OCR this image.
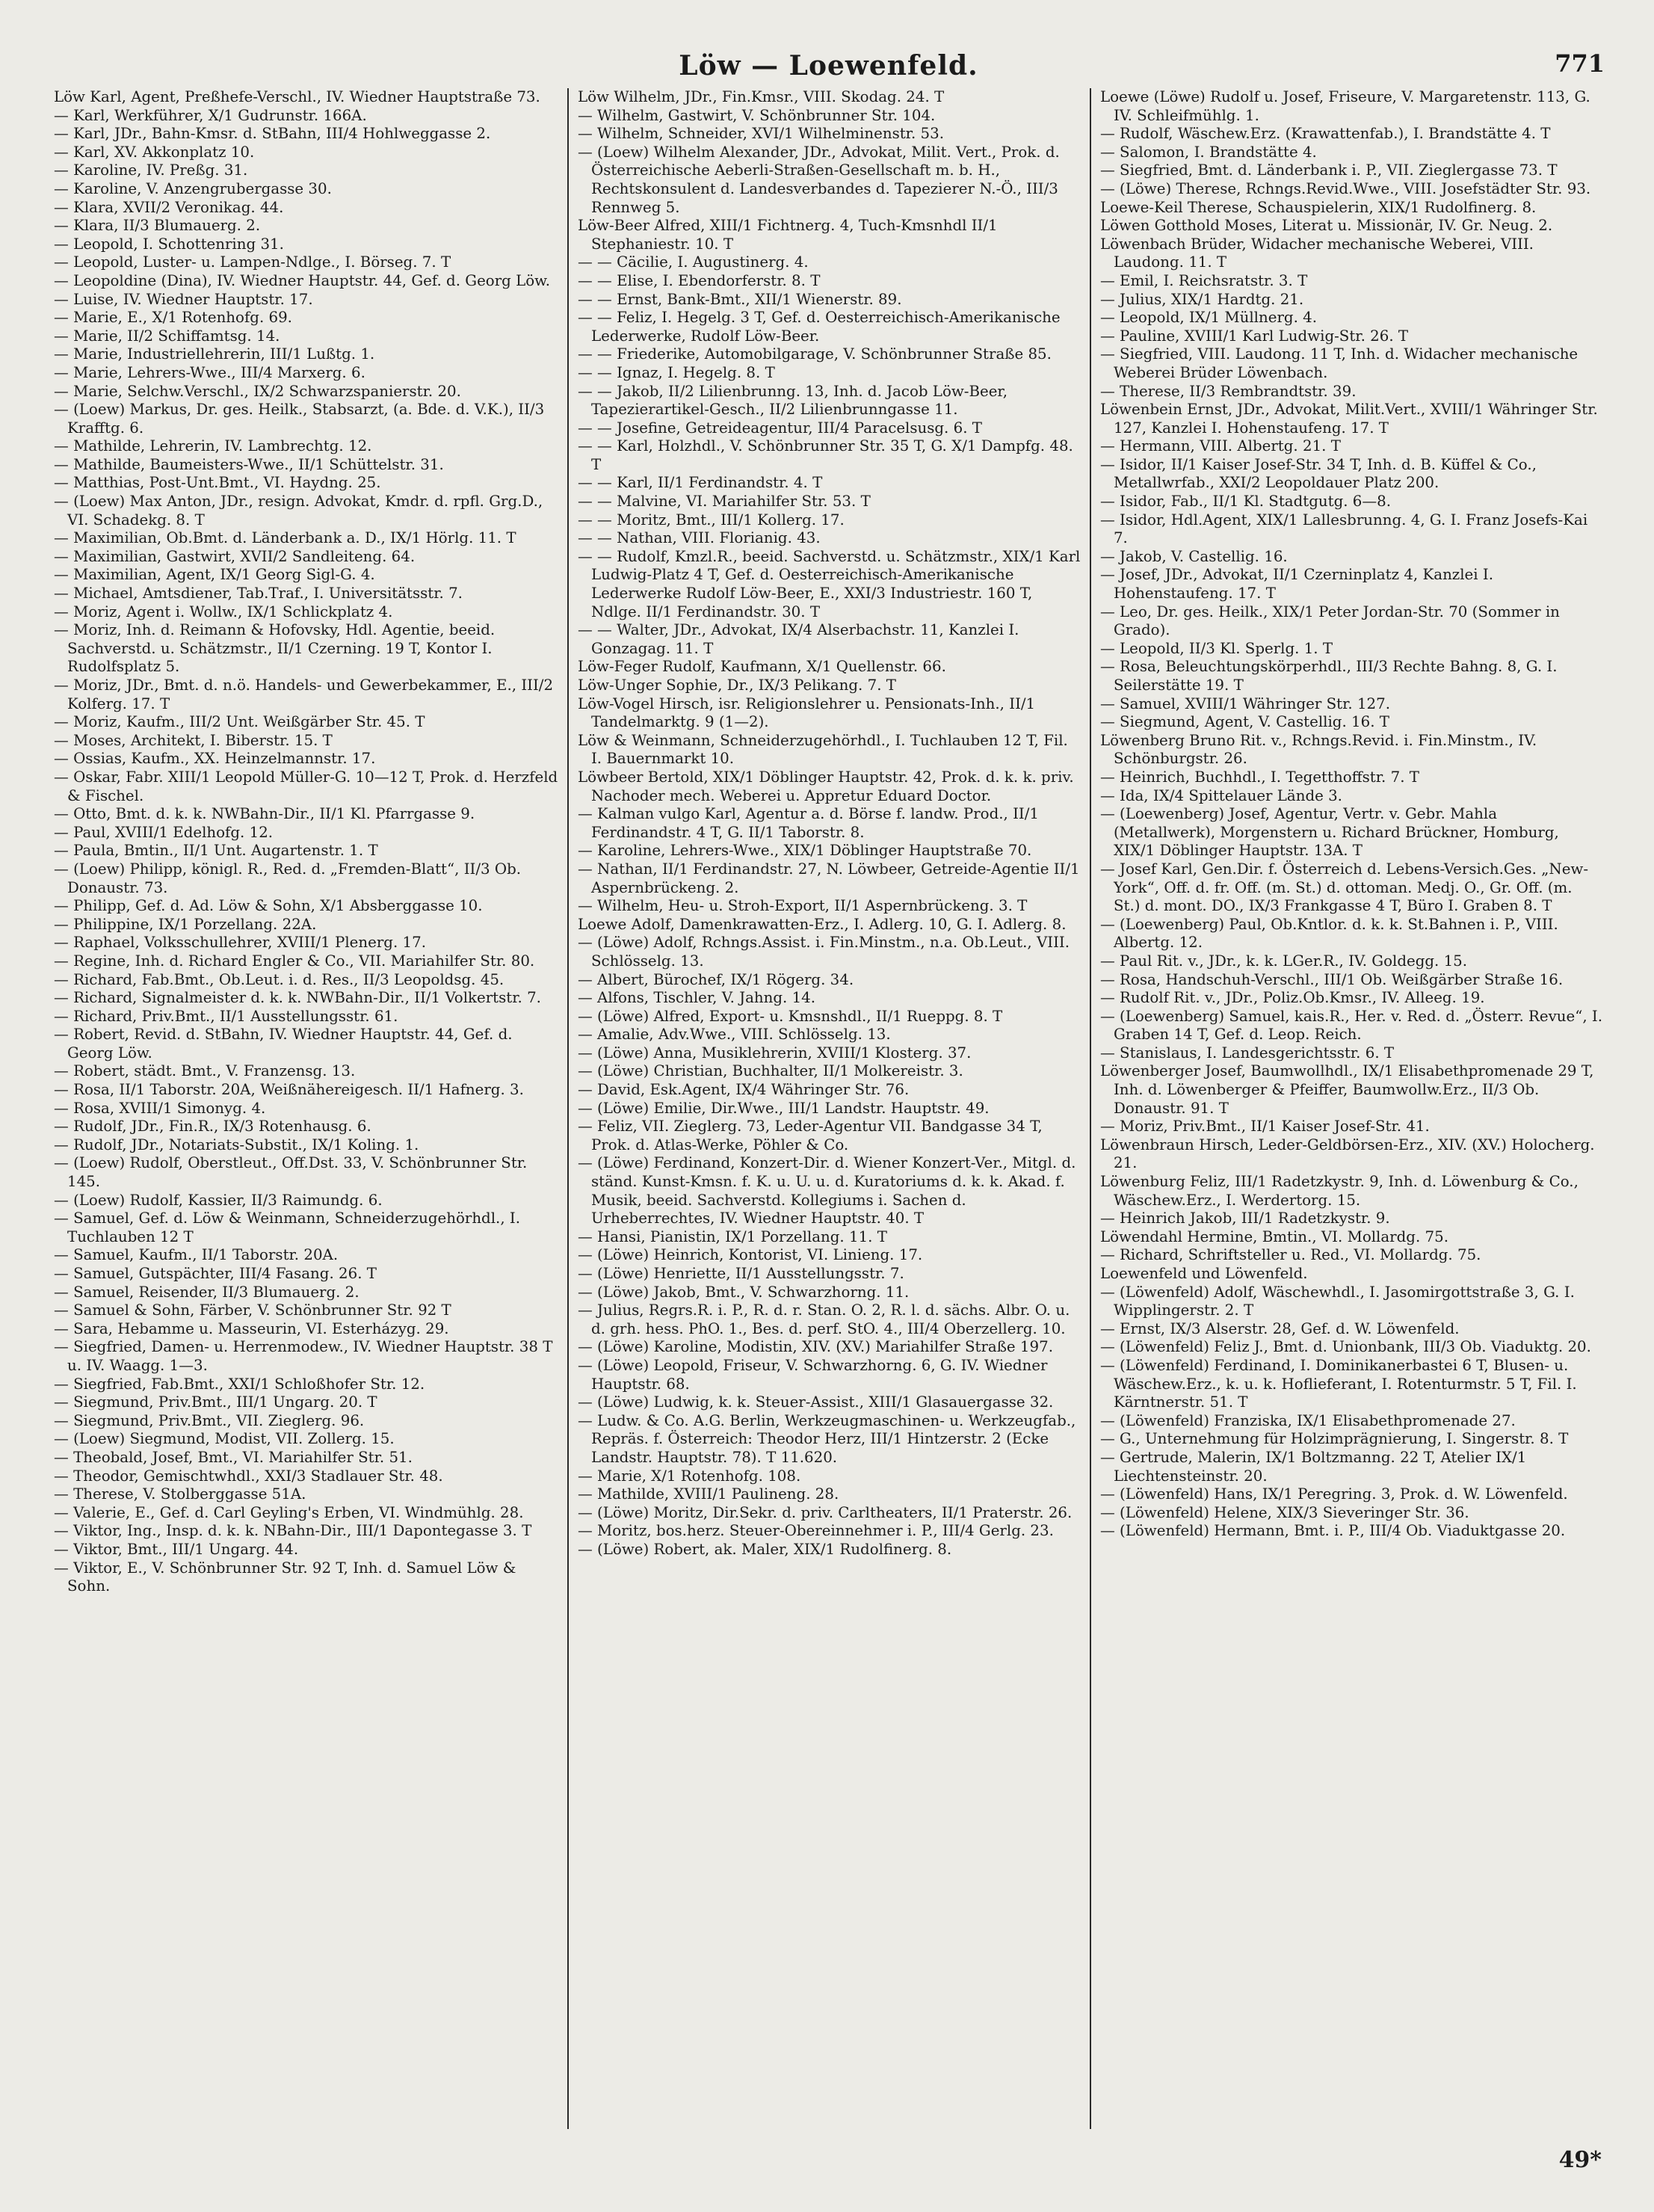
Löw — Loewenfeld.	771

Löw Karl, Agent, Preßhefe-Verschl., IV. Wiedner Hauptstraße 73.

— Karl, Werkführer, X/1 Gudrunstr. 166A.

— Karl, JDr., Bahn-Kmsr. d. StBahn, III/4 Hohlweggasse 2.

— Karl, XV. Akkonplatz 10.

— Karoline, IV. Preßg. 31.

— Karoline, V. Anzengrubergasse 30.

— Klara, XVII/2 Veronikag. 44.

— Klara, II/3 Blumauerg. 2.

— Leopold, I. Schottenring 31.

— Leopold, Luster- u. Lampen-Ndlge., I. Börseg. 7. T

— Leopoldine (Dina), IV. Wiedner Hauptstr. 44, Gef. d. Georg Löw.

— Luise, IV. Wiedner Hauptstr. 17.

— Marie, E., X/1 Rotenhofg. 69.

— Marie, II/2 Schiffamtsg. 14.

— Marie, Industriellehrerin, III/1 Lußtg. 1.

— Marie, Lehrers-Wwe., III/4 Marxerg. 6.

— Marie, Selchw.Verschl., IX/2 Schwarzspanierstr. 20.

— (Loew) Markus, Dr. ges. Heilk., Stabsarzt, (a. Bde. d. V.K.), II/3 Krafftg. 6.

— Mathilde, Lehrerin, IV. Lambrechtg. 12.

— Mathilde, Baumeisters-Wwe., II/1 Schüttelstr. 31.

— Matthias, Post-Unt.Bmt., VI. Haydng. 25.

— (Loew) Max Anton, JDr., resign. Advokat, Kmdr. d. rpfl. Grg.D., VI. Schadekg. 8. T

— Maximilian, Ob.Bmt. d. Länderbank a. D., IX/1 Hörlg. 11. T

— Maximilian, Gastwirt, XVII/2 Sandleiteng. 64.

— Maximilian, Agent, IX/1 Georg Sigl-G. 4.

— Michael, Amtsdiener, Tab.Traf., I. Universitätsstr. 7.

— Moriz, Agent i. Wollw., IX/1 Schlickplatz 4.

— Moriz, Inh. d. Reimann & Hofovsky, Hdl. Agentie, beeid. Sachverstd. u. Schätzmstr., II/1 Czerning. 19 T, Kontor I. Rudolfsplatz 5.

— Moriz, JDr., Bmt. d. n.ö. Handels- und Gewerbekammer, E., III/2 Kolferg. 17. T

— Moriz, Kaufm., III/2 Unt. Weißgärber Str. 45. T

— Moses, Architekt, I. Biberstr. 15. T

— Ossias, Kaufm., XX. Heinzelmannstr. 17.

— Oskar, Fabr. XIII/1 Leopold Müller-G. 10—12 T, Prok. d. Herzfeld & Fischel.

— Otto, Bmt. d. k. k. NWBahn-Dir., II/1 Kl. Pfarrgasse 9.

— Paul, XVIII/1 Edelhofg. 12.

— Paula, Bmtin., II/1 Unt. Augartenstr. 1. T

— (Loew) Philipp, königl. R., Red. d. „Fremden-Blatt“, II/3 Ob. Donaustr. 73.

— Philipp, Gef. d. Ad. Löw & Sohn, X/1 Absberggasse 10.

— Philippine, IX/1 Porzellang. 22A.

— Raphael, Volksschullehrer, XVIII/1 Plenerg. 17.

— Regine, Inh. d. Richard Engler & Co., VII. Mariahilfer Str. 80.

— Richard, Fab.Bmt., Ob.Leut. i. d. Res., II/3 Leopoldsg. 45.

— Richard, Signalmeister d. k. k. NWBahn-Dir., II/1 Volkertstr. 7.

— Richard, Priv.Bmt., II/1 Ausstellungsstr. 61.

— Robert, Revid. d. StBahn, IV. Wiedner Hauptstr. 44, Gef. d. Georg Löw.

— Robert, städt. Bmt., V. Franzensg. 13.

— Rosa, II/1 Taborstr. 20A, Weißnähereigesch. II/1 Hafnerg. 3.

— Rosa, XVIII/1 Simonyg. 4.

— Rudolf, JDr., Fin.R., IX/3 Rotenhausg. 6.

— Rudolf, JDr., Notariats-Substit., IX/1 Koling. 1.

— (Loew) Rudolf, Oberstleut., Off.Dst. 33, V. Schönbrunner Str. 145.

— (Loew) Rudolf, Kassier, II/3 Raimundg. 6.

— Samuel, Gef. d. Löw & Weinmann, Schneiderzugehörhdl., I. Tuchlauben 12 T

— Samuel, Kaufm., II/1 Taborstr. 20A.

— Samuel, Gutspächter, III/4 Fasang. 26. T

— Samuel, Reisender, II/3 Blumauerg. 2.

— Samuel & Sohn, Färber, V. Schönbrunner Str. 92 T

— Sara, Hebamme u. Masseurin, VI. Esterházyg. 29.

— Siegfried, Damen- u. Herrenmodew., IV. Wiedner Hauptstr. 38 T u. IV. Waagg. 1—3.

— Siegfried, Fab.Bmt., XXI/1 Schloßhofer Str. 12.

— Siegmund, Priv.Bmt., III/1 Ungarg. 20. T

— Siegmund, Priv.Bmt., VII. Zieglerg. 96.

— (Loew) Siegmund, Modist, VII. Zollerg. 15.

— Theobald, Josef, Bmt., VI. Mariahilfer Str. 51.

— Theodor, Gemischtwhdl., XXI/3 Stadlauer Str. 48.

— Therese, V. Stolberggasse 51A.

— Valerie, E., Gef. d. Carl Geyling's Erben, VI. Windmühlg. 28.

— Viktor, Ing., Insp. d. k. k. NBahn-Dir., III/1 Dapontegasse 3. T

— Viktor, Bmt., III/1 Ungarg. 44.

— Viktor, E., V. Schönbrunner Str. 92 T, Inh. d. Samuel Löw & Sohn.

Löw Wilhelm, JDr., Fin.Kmsr., VIII. Skodag. 24. T

— Wilhelm, Gastwirt, V. Schönbrunner Str. 104.

— Wilhelm, Schneider, XVI/1 Wilhelminenstr. 53.

— (Loew) Wilhelm Alexander, JDr., Advokat, Milit. Vert., Prok. d. Österreichische Aeberli-Straßen-Gesellschaft m. b. H., Rechtskonsulent d. Landesverbandes d. Tapezierer N.-Ö., III/3 Rennweg 5.

Löw-Beer Alfred, XIII/1 Fichtnerg. 4, Tuch-Kmsnhdl II/1 Stephaniestr. 10. T

— — Cäcilie, I. Augustinerg. 4.

— — Elise, I. Ebendorferstr. 8. T

— — Ernst, Bank-Bmt., XII/1 Wienerstr. 89.

— — Feliz, I. Hegelg. 3 T, Gef. d. Oesterreichisch-Amerikanische Lederwerke, Rudolf Löw-Beer.

— — Friederike, Automobilgarage, V. Schönbrunner Straße 85.

— — Ignaz, I. Hegelg. 8. T

— — Jakob, II/2 Lilienbrunng. 13, Inh. d. Jacob Löw-Beer, Tapezierartikel-Gesch., II/2 Lilienbrunngasse 11.

— — Josefine, Getreideagentur, III/4 Paracelsusg. 6. T

— — Karl, Holzhdl., V. Schönbrunner Str. 35 T, G. X/1 Dampfg. 48. T

— — Karl, II/1 Ferdinandstr. 4. T

— — Malvine, VI. Mariahilfer Str. 53. T

— — Moritz, Bmt., III/1 Kollerg. 17.

— — Nathan, VIII. Florianig. 43.

— — Rudolf, Kmzl.R., beeid. Sachverstd. u. Schätzmstr., XIX/1 Karl Ludwig-Platz 4 T, Gef. d. Oesterreichisch-Amerikanische Lederwerke Rudolf Löw-Beer, E., XXI/3 Industriestr. 160 T, Ndlge. II/1 Ferdinandstr. 30. T

— — Walter, JDr., Advokat, IX/4 Alserbachstr. 11, Kanzlei I. Gonzagag. 11. T

Löw-Feger Rudolf, Kaufmann, X/1 Quellenstr. 66.

Löw-Unger Sophie, Dr., IX/3 Pelikang. 7. T

Löw-Vogel Hirsch, isr. Religionslehrer u. Pensionats-Inh., II/1 Tandelmarktg. 9 (1—2).

Löw & Weinmann, Schneiderzugehörhdl., I. Tuchlauben 12 T, Fil. I. Bauernmarkt 10.

Löwbeer Bertold, XIX/1 Döblinger Hauptstr. 42, Prok. d. k. k. priv. Nachoder mech. Weberei u. Appretur Eduard Doctor.

— Kalman vulgo Karl, Agentur a. d. Börse f. landw. Prod., II/1 Ferdinandstr. 4 T, G. II/1 Taborstr. 8.

— Karoline, Lehrers-Wwe., XIX/1 Döblinger Hauptstraße 70.

— Nathan, II/1 Ferdinandstr. 27, N. Löwbeer, Getreide-Agentie II/1 Aspernbrückeng. 2.

— Wilhelm, Heu- u. Stroh-Export, II/1 Aspernbrückeng. 3. T

Loewe Adolf, Damenkrawatten-Erz., I. Adlerg. 10, G. I. Adlerg. 8.

— (Löwe) Adolf, Rchngs.Assist. i. Fin.Minstm., n.a. Ob.Leut., VIII. Schlösselg. 13.

— Albert, Bürochef, IX/1 Rögerg. 34.

— Alfons, Tischler, V. Jahng. 14.

— (Löwe) Alfred, Export- u. Kmsnshdl., II/1 Rueppg. 8. T

— Amalie, Adv.Wwe., VIII. Schlösselg. 13.

— (Löwe) Anna, Musiklehrerin, XVIII/1 Klosterg. 37.

— (Löwe) Christian, Buchhalter, II/1 Molkereistr. 3.

— David, Esk.Agent, IX/4 Währinger Str. 76.

— (Löwe) Emilie, Dir.Wwe., III/1 Landstr. Hauptstr. 49.

— Feliz, VII. Zieglerg. 73, Leder-Agentur VII. Bandgasse 34 T, Prok. d. Atlas-Werke, Pöhler & Co.

— (Löwe) Ferdinand, Konzert-Dir. d. Wiener Konzert-Ver., Mitgl. d. ständ. Kunst-Kmsn. f. K. u. U. u. d. Kuratoriums d. k. k. Akad. f. Musik, beeid. Sachverstd. Kollegiums i. Sachen d. Urheberrechtes, IV. Wiedner Hauptstr. 40. T

— Hansi, Pianistin, IX/1 Porzellang. 11. T

— (Löwe) Heinrich, Kontorist, VI. Linieng. 17.

— (Löwe) Henriette, II/1 Ausstellungsstr. 7.

— (Löwe) Jakob, Bmt., V. Schwarzhorng. 11.

— Julius, Regrs.R. i. P., R. d. r. Stan. O. 2, R. l. d. sächs. Albr. O. u. d. grh. hess. PhO. 1., Bes. d. perf. StO. 4., III/4 Oberzellerg. 10.

— (Löwe) Karoline, Modistin, XIV. (XV.) Mariahilfer Straße 197.

— (Löwe) Leopold, Friseur, V. Schwarzhorng. 6, G. IV. Wiedner Hauptstr. 68.

— (Löwe) Ludwig, k. k. Steuer-Assist., XIII/1 Glasauergasse 32.

— Ludw. & Co. A.G. Berlin, Werkzeugmaschinen- u. Werkzeugfab., Repräs. f. Österreich: Theodor Herz, III/1 Hintzerstr. 2 (Ecke Landstr. Hauptstr. 78). T 11.620.

— Marie, X/1 Rotenhofg. 108.

— Mathilde, XVIII/1 Paulineng. 28.

— (Löwe) Moritz, Dir.Sekr. d. priv. Carltheaters, II/1 Praterstr. 26.

— Moritz, bos.herz. Steuer-Obereinnehmer i. P., III/4 Gerlg. 23.

— (Löwe) Robert, ak. Maler, XIX/1 Rudolfinerg. 8.

Loewe (Löwe) Rudolf u. Josef, Friseure, V. Margaretenstr. 113, G. IV. Schleifmühlg. 1.

— Rudolf, Wäschew.Erz. (Krawattenfab.), I. Brandstätte 4. T

— Salomon, I. Brandstätte 4.

— Siegfried, Bmt. d. Länderbank i. P., VII. Zieglergasse 73. T

— (Löwe) Therese, Rchngs.Revid.Wwe., VIII. Josefstädter Str. 93.

Loewe-Keil Therese, Schauspielerin, XIX/1 Rudolfinerg. 8.

Löwen Gotthold Moses, Literat u. Missionär, IV. Gr. Neug. 2.

Löwenbach Brüder, Widacher mechanische Weberei, VIII. Laudong. 11. T

— Emil, I. Reichsratstr. 3. T

— Julius, XIX/1 Hardtg. 21.

— Leopold, IX/1 Müllnerg. 4.

— Pauline, XVIII/1 Karl Ludwig-Str. 26. T

— Siegfried, VIII. Laudong. 11 T, Inh. d. Widacher mechanische Weberei Brüder Löwenbach.

— Therese, II/3 Rembrandtstr. 39.

Löwenbein Ernst, JDr., Advokat, Milit.Vert., XVIII/1 Währinger Str. 127, Kanzlei I. Hohenstaufeng. 17. T

— Hermann, VIII. Albertg. 21. T

— Isidor, II/1 Kaiser Josef-Str. 34 T, Inh. d. B. Küffel & Co., Metallwrfab., XXI/2 Leopoldauer Platz 200.

— Isidor, Fab., II/1 Kl. Stadtgutg. 6—8.

— Isidor, Hdl.Agent, XIX/1 Lallesbrunng. 4, G. I. Franz Josefs-Kai 7.

— Jakob, V. Castellig. 16.

— Josef, JDr., Advokat, II/1 Czerninplatz 4, Kanzlei I. Hohenstaufeng. 17. T

— Leo, Dr. ges. Heilk., XIX/1 Peter Jordan-Str. 70 (Sommer in Grado).

— Leopold, II/3 Kl. Sperlg. 1. T

— Rosa, Beleuchtungskörperhdl., III/3 Rechte Bahng. 8, G. I. Seilerstätte 19. T

— Samuel, XVIII/1 Währinger Str. 127.

— Siegmund, Agent, V. Castellig. 16. T

Löwenberg Bruno Rit. v., Rchngs.Revid. i. Fin.Minstm., IV. Schönburgstr. 26.

— Heinrich, Buchhdl., I. Tegetthoffstr. 7. T

— Ida, IX/4 Spittelauer Lände 3.

— (Loewenberg) Josef, Agentur, Vertr. v. Gebr. Mahla (Metallwerk), Morgenstern u. Richard Brückner, Homburg, XIX/1 Döblinger Hauptstr. 13A. T

— Josef Karl, Gen.Dir. f. Österreich d. Lebens-Versich.Ges. „New-York“, Off. d. fr. Off. (m. St.) d. ottoman. Medj. O., Gr. Off. (m. St.) d. mont. DO., IX/3 Frankgasse 4 T, Büro I. Graben 8. T

— (Loewenberg) Paul, Ob.Kntlor. d. k. k. St.Bahnen i. P., VIII. Albertg. 12.

— Paul Rit. v., JDr., k. k. LGer.R., IV. Goldegg. 15.

— Rosa, Handschuh-Verschl., III/1 Ob. Weißgärber Straße 16.

— Rudolf Rit. v., JDr., Poliz.Ob.Kmsr., IV. Alleeg. 19.

— (Loewenberg) Samuel, kais.R., Her. v. Red. d. „Österr. Revue“, I. Graben 14 T, Gef. d. Leop. Reich.

— Stanislaus, I. Landesgerichtsstr. 6. T

Löwenberger Josef, Baumwollhdl., IX/1 Elisabethpromenade 29 T, Inh. d. Löwenberger & Pfeiffer, Baumwollw.Erz., II/3 Ob. Donaustr. 91. T

— Moriz, Priv.Bmt., II/1 Kaiser Josef-Str. 41.

Löwenbraun Hirsch, Leder-Geldbörsen-Erz., XIV. (XV.) Holocherg. 21.

Löwenburg Feliz, III/1 Radetzkystr. 9, Inh. d. Löwenburg & Co., Wäschew.Erz., I. Werdertorg. 15.

— Heinrich Jakob, III/1 Radetzkystr. 9.

Löwendahl Hermine, Bmtin., VI. Mollardg. 75.

— Richard, Schriftsteller u. Red., VI. Mollardg. 75.

Loewenfeld und Löwenfeld.

— (Löwenfeld) Adolf, Wäschewhdl., I. Jasomirgottstraße 3, G. I. Wipplingerstr. 2. T

— Ernst, IX/3 Alserstr. 28, Gef. d. W. Löwenfeld.

— (Löwenfeld) Feliz J., Bmt. d. Unionbank, III/3 Ob. Viaduktg. 20.

— (Löwenfeld) Ferdinand, I. Dominikanerbastei 6 T, Blusen- u. Wäschew.Erz., k. u. k. Hoflieferant, I. Rotenturmstr. 5 T, Fil. I. Kärntnerstr. 51. T

— (Löwenfeld) Franziska, IX/1 Elisabethpromenade 27.

— G., Unternehmung für Holzimprägnierung, I. Singerstr. 8. T

— Gertrude, Malerin, IX/1 Boltzmanng. 22 T, Atelier IX/1 Liechtensteinstr. 20.

— (Löwenfeld) Hans, IX/1 Peregring. 3, Prok. d. W. Löwenfeld.

— (Löwenfeld) Helene, XIX/3 Sieveringer Str. 36.

— (Löwenfeld) Hermann, Bmt. i. P., III/4 Ob. Viaduktgasse 20.

49*
